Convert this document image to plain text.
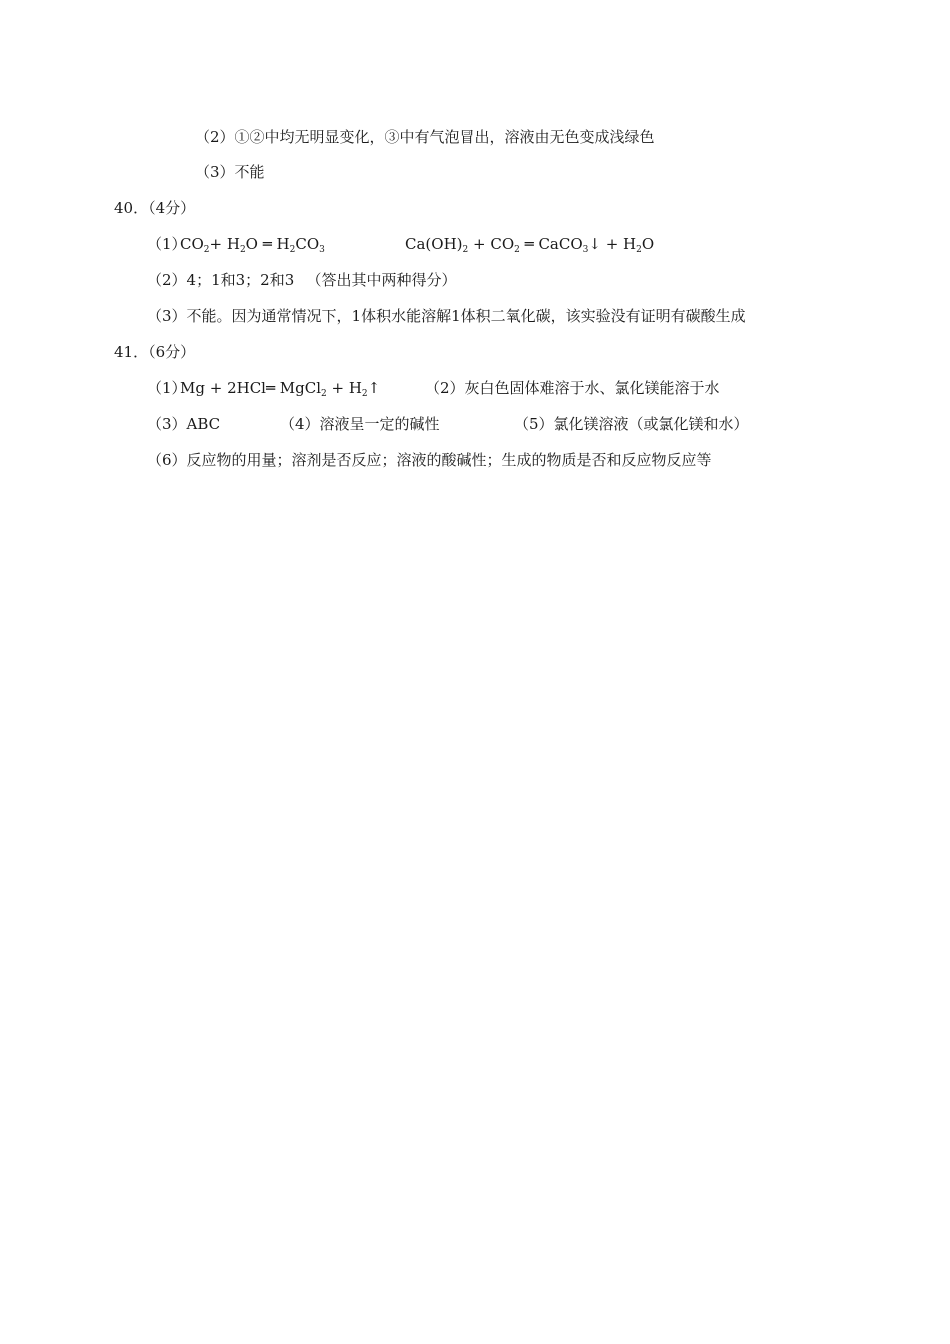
（2）①②中均无明显变化，③中有气泡冒出，溶液由无色变成浅绿色
（3）不能
40．（4分）
（1）
$CO_2+ H_2O$ ═ $H_2CO_3$	$Ca(OH)_2 + CO_2$ ═ CaCO$_3$↓ + $H_2O$
（2）4；1和3；2和3 　（答出其中两种得分）
（3）不能。因为通常情况下，1体积水能溶解1体积二氧化碳，该实验没有证明有碳酸生成
41．（6分）
（1）
Mg + 2HCl═ MgCl$_2$ + $H_2↑$	（2）灰白色固体难溶于水、氯化镁能溶于水
（3）ABC	（4）溶液呈一定的碱性	（5）氯化镁溶液（或氯化镁和水）
（6）反应物的用量；溶剂是否反应；溶液的酸碱性；生成的物质是否和反应物反应等
